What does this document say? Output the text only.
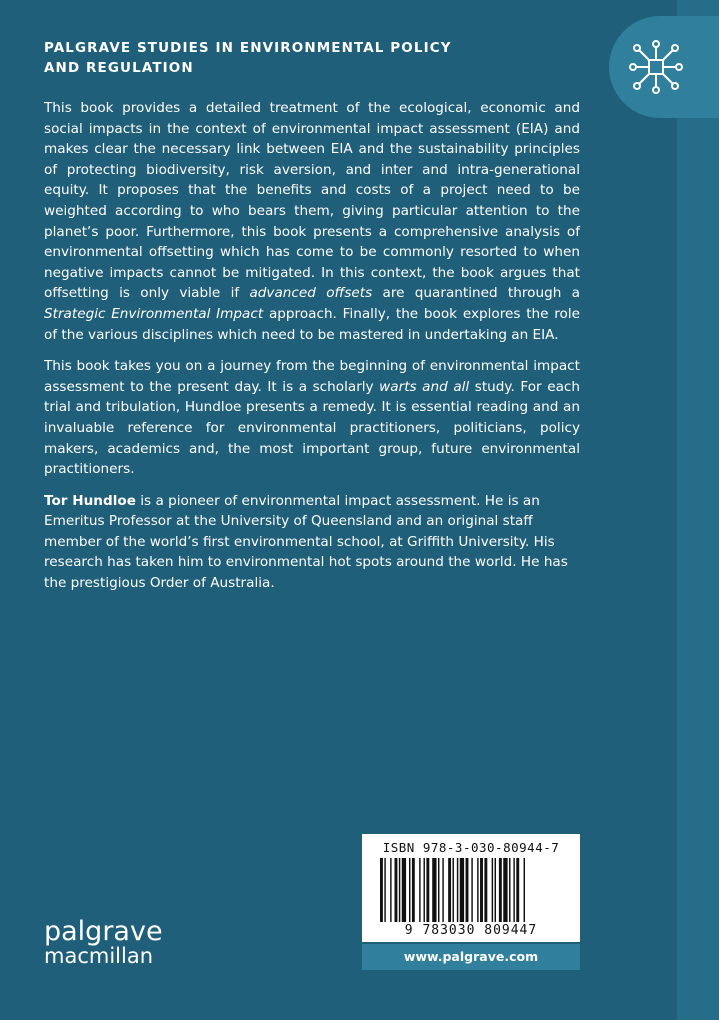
PALGRAVE STUDIES IN ENVIRONMENTAL POLICY AND REGULATION

This book provides a detailed treatment of the ecological, economic and social impacts in the context of environmental impact assessment (EIA) and makes clear the necessary link between EIA and the sustainability principles of protecting biodiversity, risk aversion, and inter and intra-generational equity. It proposes that the benefits and costs of a project need to be weighted according to who bears them, giving particular attention to the planet’s poor. Furthermore, this book presents a comprehensive analysis of environmental offsetting which has come to be commonly resorted to when negative impacts cannot be mitigated. In this context, the book argues that offsetting is only viable if advanced offsets are quarantined through a Strategic Environmental Impact approach. Finally, the book explores the role of the various disciplines which need to be mastered in undertaking an EIA.

This book takes you on a journey from the beginning of environmental impact assessment to the present day. It is a scholarly warts and all study. For each trial and tribulation, Hundloe presents a remedy. It is essential reading and an invaluable reference for environmental practitioners, politicians, policy makers, academics and, the most important group, future environmental practitioners.

Tor Hundloe is a pioneer of environmental impact assessment. He is an Emeritus Professor at the University of Queensland and an original staff member of the world’s first environmental school, at Griffith University. His research has taken him to environmental hot spots around the world. He has the prestigious Order of Australia.

palgrave
macmillan
ISBN 978-3-030-80944-7
9 783030 809447
www.palgrave.com
